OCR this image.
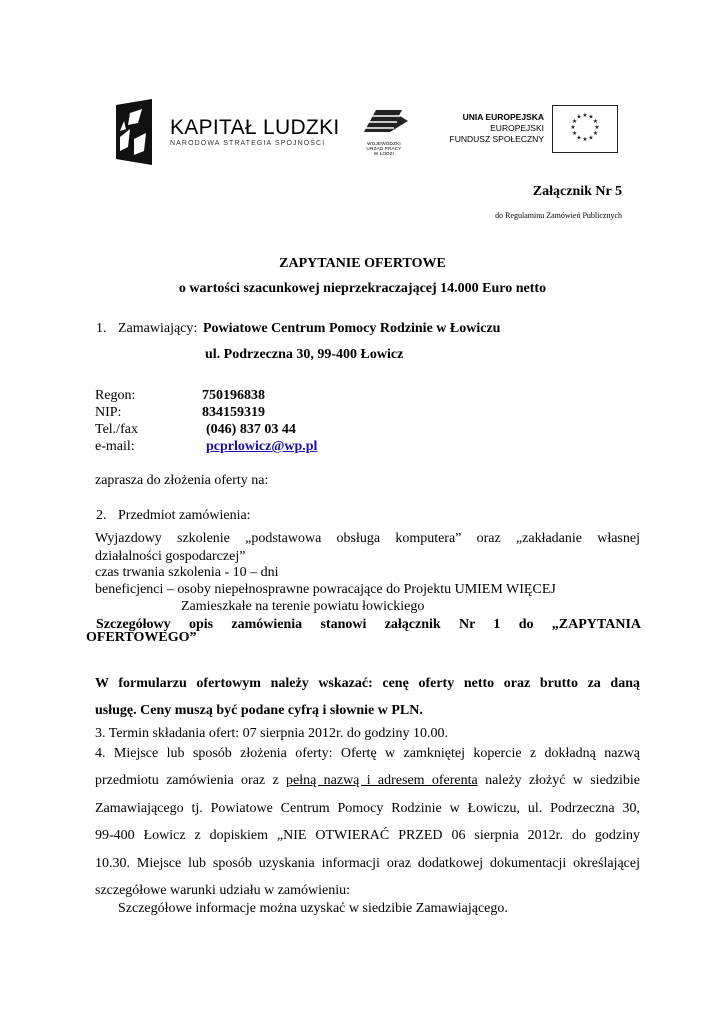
KAPITAŁ LUDZKI
NARODOWA STRATEGIA SPÓJNOŚCI	WOJEWÓDZKI
URZĄD PRACY
W ŁODZI
UNIA EUROPEJSKA
EUROPEJSKI
FUNDUSZ SPOŁECZNY
★ ★
★
★
★
★
★
★
★
★
★
★
Załącznik Nr 5
do Regulaminu Zamówień Publicznych
ZAPYTANIE OFERTOWE
o wartości szacunkowej nieprzekraczającej 14.000 Euro netto
1. Zamawiający: Powiatowe Centrum Pomocy Rodzinie w Łowiczu
ul. Podrzeczna 30, 99-400 Łowicz
Regon:	750196838
NIP:	834159319
Tel./fax	(046) 837 03 44
e-mail:	pcprlowicz@wp.pl
zaprasza do złożenia oferty na:
2. Przedmiot zamówienia:
Wyjazdowy szkolenie „podstawowa obsługa komputera” oraz „zakładanie własnej
działalności gospodarczej”
czas trwania szkolenia - 10 – dni
beneficjenci – osoby niepełnosprawne powracające do Projektu UMIEM WIĘCEJ
Zamieszkałe na terenie powiatu łowickiego
Szczegółowy opis zamówienia stanowi załącznik Nr 1 do „ZAPYTANIA
OFERTOWEGO”
W formularzu ofertowym należy wskazać: cenę oferty netto oraz brutto za daną
usługę. Ceny muszą być podane cyfrą i słownie w PLN.
3. Termin składania ofert: 07 sierpnia 2012r. do godziny 10.00.
4. Miejsce lub sposób złożenia oferty: Ofertę w zamkniętej kopercie z dokładną nazwą
przedmiotu zamówienia oraz z pełną nazwą i adresem oferenta należy złożyć w siedzibie
Zamawiającego tj. Powiatowe Centrum Pomocy Rodzinie w Łowiczu, ul. Podrzeczna 30,
99-400 Łowicz z dopiskiem „NIE OTWIERAĆ PRZED 06 sierpnia 2012r. do godziny
10.30. Miejsce lub sposób uzyskania informacji oraz dodatkowej dokumentacji określającej
szczegółowe warunki udziału w zamówieniu:
Szczegółowe informacje można uzyskać w siedzibie Zamawiającego.
